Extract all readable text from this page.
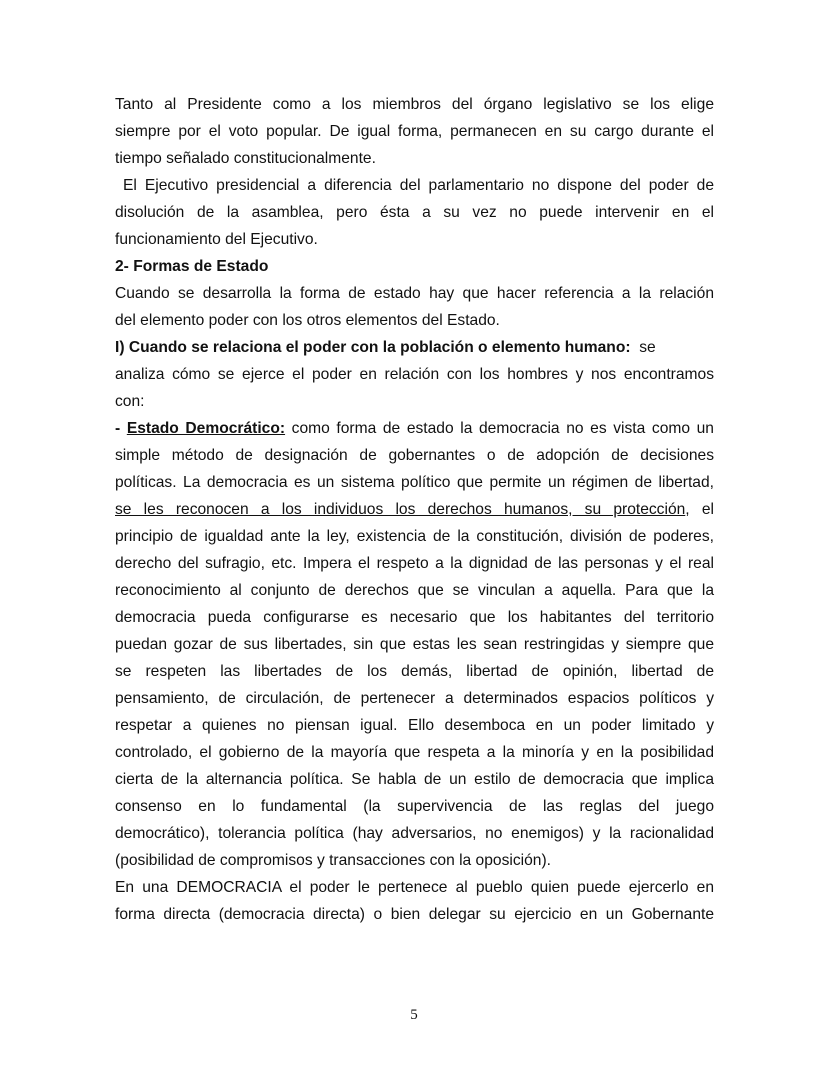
Tanto al Presidente como a los miembros del órgano legislativo se los elige
siempre por el voto popular. De igual forma, permanecen en su cargo durante el
tiempo señalado constitucionalmente.
El Ejecutivo presidencial a diferencia del parlamentario no dispone del poder de
disolución de la asamblea, pero ésta a su vez no puede intervenir en el
funcionamiento del Ejecutivo.
2- Formas de Estado
Cuando se desarrolla la forma de estado hay que hacer referencia a la relación
del elemento poder con los otros elementos del Estado.
I) Cuando se relaciona el poder con la población o elemento humano:  se
analiza cómo se ejerce el poder en relación con los hombres y nos encontramos
con:
- Estado Democrático: como forma de estado la democracia no es vista como un
simple método de designación de gobernantes o de adopción de decisiones
políticas. La democracia es un sistema político que permite un régimen de libertad,
se les reconocen a los individuos los derechos humanos, su protección, el
principio de igualdad ante la ley, existencia de la constitución, división de poderes,
derecho del sufragio, etc. Impera el respeto a la dignidad de las personas y el real
reconocimiento al conjunto de derechos que se vinculan a aquella. Para que la
democracia pueda configurarse es necesario que los habitantes del territorio
puedan gozar de sus libertades, sin que estas les sean restringidas y siempre que
se respeten las libertades de los demás, libertad de opinión, libertad de
pensamiento, de circulación, de pertenecer a determinados espacios políticos y
respetar a quienes no piensan igual. Ello desemboca en un poder limitado y
controlado, el gobierno de la mayoría que respeta a la minoría y en la posibilidad
cierta de la alternancia política. Se habla de un estilo de democracia que implica
consenso en lo fundamental (la supervivencia de las reglas del juego
democrático), tolerancia política (hay adversarios, no enemigos) y la racionalidad
(posibilidad de compromisos y transacciones con la oposición).
En una DEMOCRACIA el poder le pertenece al pueblo quien puede ejercerlo en
forma directa (democracia directa) o bien delegar su ejercicio en un Gobernante
5
